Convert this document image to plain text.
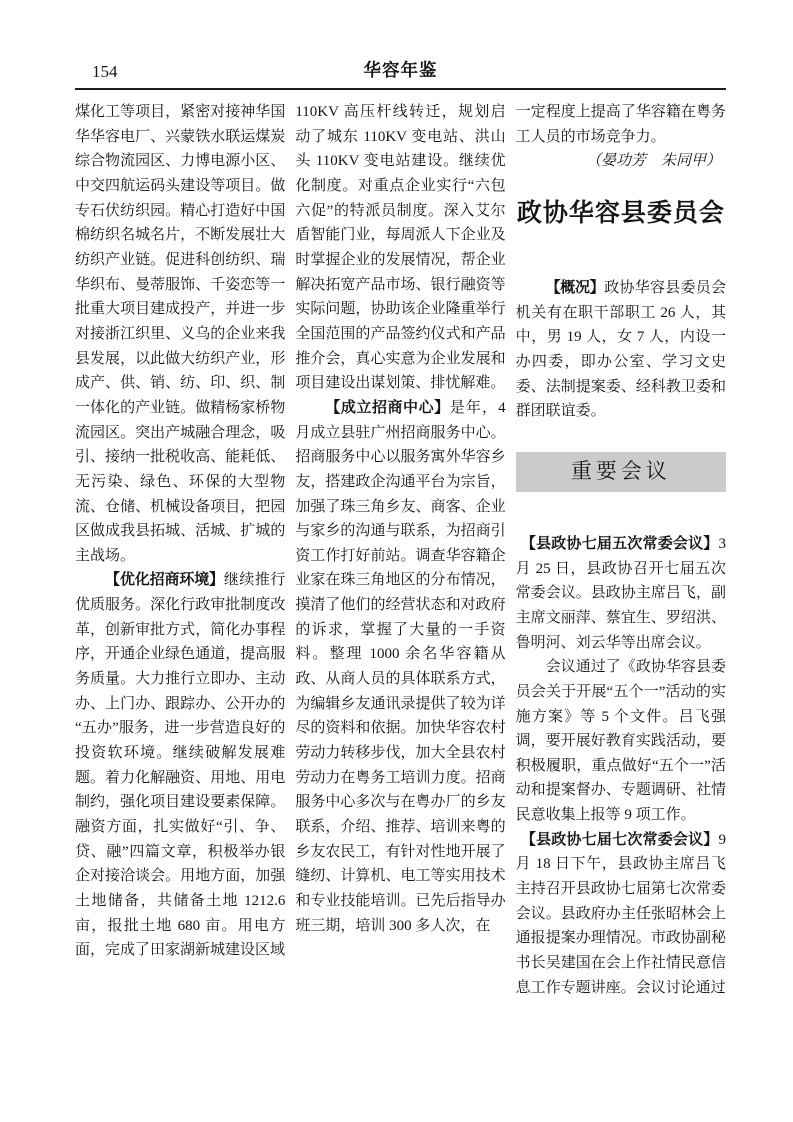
154	华容年鉴

煤化工等项目，紧密对接神华国华华容电厂、兴蒙铁水联运煤炭综合物流园区、力博电源小区、中交四航运码头建设等项目。做专石伏纺织园。精心打造好中国棉纺织名城名片，不断发展壮大纺织产业链。促进科创纺织、瑞华织布、曼蒂服饰、千姿恋等一批重大项目建成投产，并进一步对接浙江织里、义乌的企业来我县发展，以此做大纺织产业，形成产、供、销、纺、印、织、制一体化的产业链。做精杨家桥物流园区。突出产城融合理念，吸引、接纳一批税收高、能耗低、无污染、绿色、环保的大型物流、仓储、机械设备项目，把园区做成我县拓城、活城、扩城的主战场。

【优化招商环境】继续推行优质服务。深化行政审批制度改革，创新审批方式，简化办事程序，开通企业绿色通道，提高服务质量。大力推行立即办、主动办、上门办、跟踪办、公开办的“五办”服务，进一步营造良好的投资软环境。继续破解发展难题。着力化解融资、用地、用电制约，强化项目建设要素保障。融资方面，扎实做好“引、争、贷、融”四篇文章，积极举办银企对接洽谈会。用地方面，加强土地储备，共储备土地 1212.6 亩，报批土地 680 亩。用电方面，完成了田家湖新城建设区域

110KV 高压杆线转迁，规划启动了城东 110KV 变电站、洪山头 110KV 变电站建设。继续优化制度。对重点企业实行“六包六促”的特派员制度。深入艾尔盾智能门业，每周派人下企业及时掌握企业的发展情况，帮企业解决拓宽产品市场、银行融资等实际问题，协助该企业隆重举行全国范围的产品签约仪式和产品推介会，真心实意为企业发展和项目建设出谋划策、排忧解难。

【成立招商中心】是年，4 月成立县驻广州招商服务中心。招商服务中心以服务寓外华容乡友，搭建政企沟通平台为宗旨，加强了珠三角乡友、商客、企业与家乡的沟通与联系，为招商引资工作打好前站。调查华容籍企业家在珠三角地区的分布情况，摸清了他们的经营状态和对政府的诉求，掌握了大量的一手资料。整理 1000 余名华容籍从政、从商人员的具体联系方式，为编辑乡友通讯录提供了较为详尽的资料和依据。加快华容农村劳动力转移步伐，加大全县农村劳动力在粤务工培训力度。招商服务中心多次与在粤办厂的乡友联系，介绍、推荐、培训来粤的乡友农民工，有针对性地开展了缝纫、计算机、电工等实用技术和专业技能培训。已先后指导办班三期，培训 300 多人次，在

一定程度上提高了华容籍在粤务工人员的市场竞争力。

（晏功芳　朱同甲）

政协华容县委员会

【概况】政协华容县委员会机关有在职干部职工 26 人，其中，男 19 人，女 7 人，内设一办四委，即办公室、学习文史委、法制提案委、经科教卫委和群团联谊委。

重要会议

【县政协七届五次常委会议】3 月 25 日，县政协召开七届五次常委会议。县政协主席吕飞，副主席文丽萍、蔡宜生、罗绍洪、鲁明河、刘云华等出席会议。

会议通过了《政协华容县委员会关于开展“五个一”活动的实施方案》等 5 个文件。吕飞强调，要开展好教育实践活动，要积极履职，重点做好“五个一”活动和提案督办、专题调研、社情民意收集上报等 9 项工作。

【县政协七届七次常委会议】9 月 18 日下午，县政协主席吕飞主持召开县政协七届第七次常委会议。县政府办主任张昭林会上通报提案办理情况。市政协副秘书长吴建国在会上作社情民意信息工作专题讲座。会议讨论通过
